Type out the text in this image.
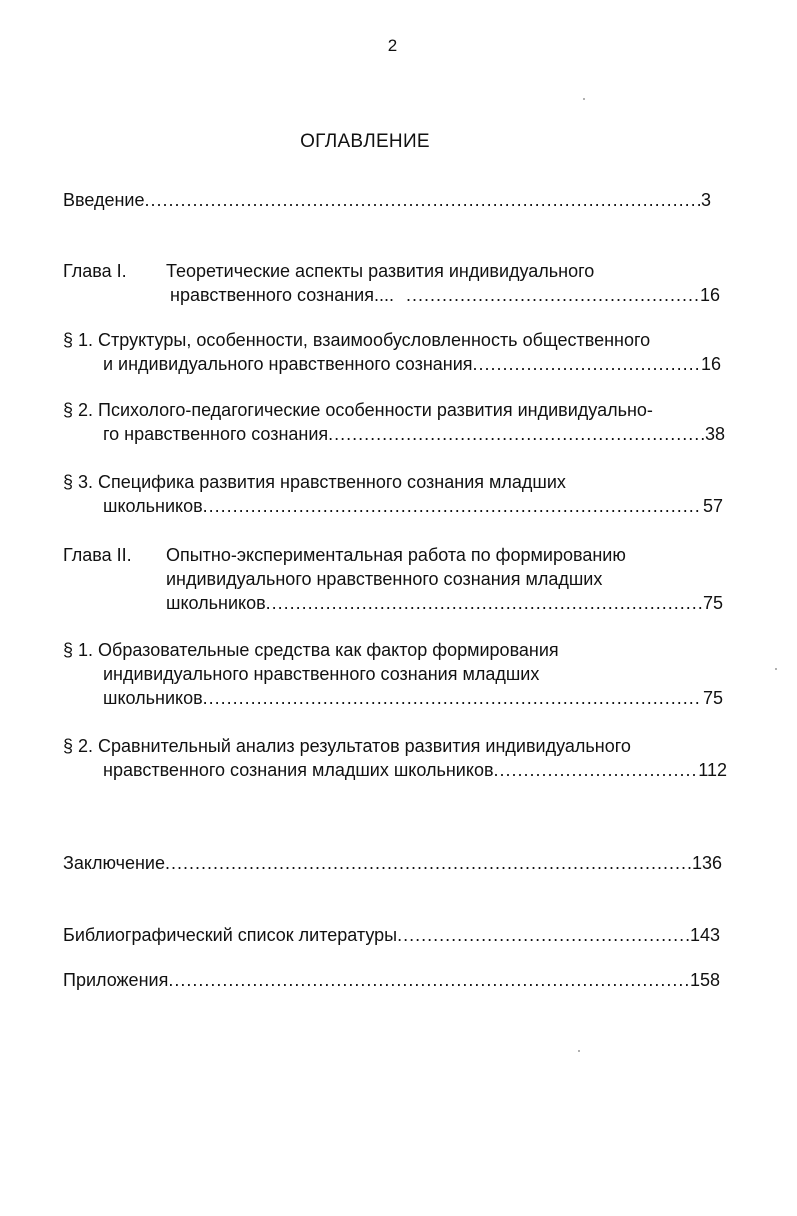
2
ОГЛАВЛЕНИЕ
Введение .....	3
Глава I. Теоретические аспекты развития индивидуального
нравственного сознания.... .....	16
§ 1. Структуры, особенности, взаимообусловленность общественного
и индивидуального нравственного сознания .....	16
§ 2. Психолого-педагогические особенности развития индивидуально-
го нравственного сознания .....	38
§ 3. Специфика развития нравственного сознания младших
школьников .....	57
Глава II. Опытно-экспериментальная работа по формированию
индивидуального нравственного сознания младших
школьников .....	75
§ 1. Образовательные средства как фактор формирования
индивидуального нравственного сознания младших
школьников .....	75
§ 2. Сравнительный анализ результатов развития индивидуального
нравственного сознания младших школьников .....	112
Заключение .....	136
Библиографический список литературы .....	143
Приложения .....	158
